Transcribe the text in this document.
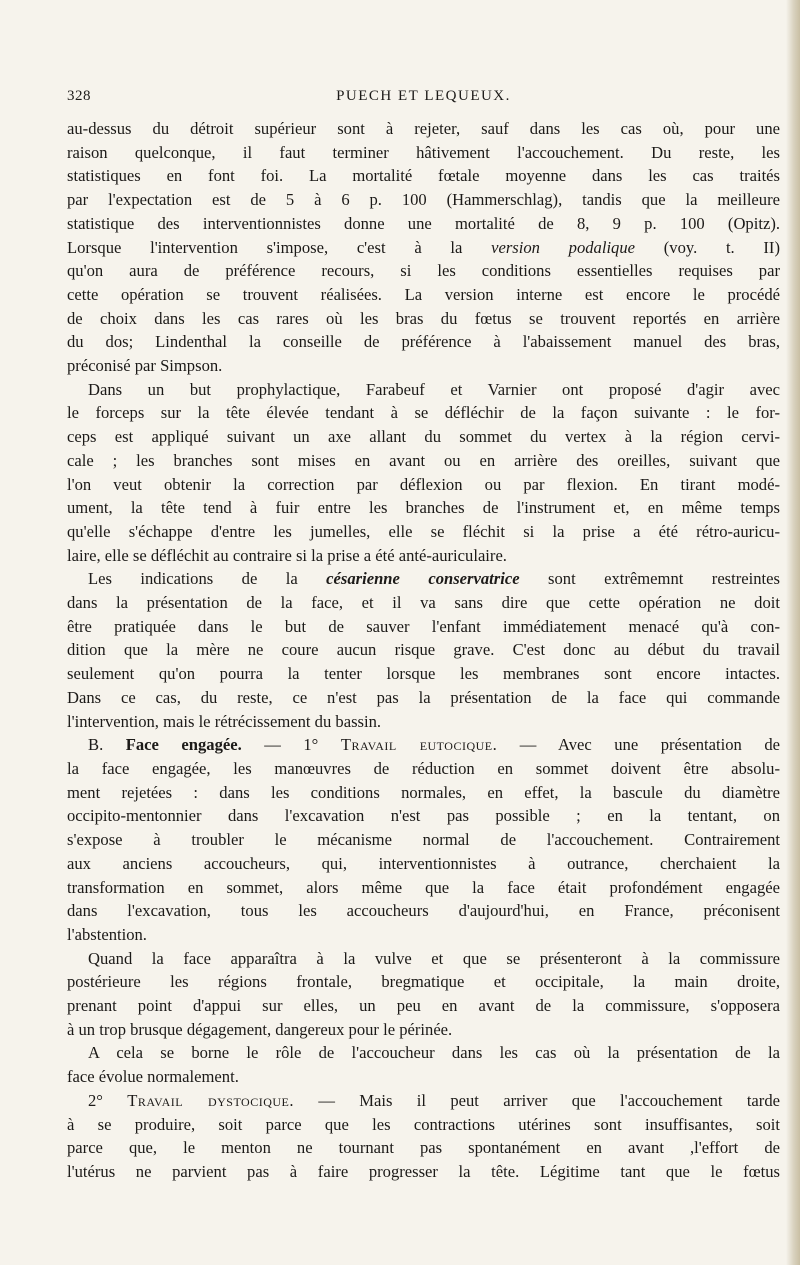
328	PUECH ET LEQUEUX.
au-dessus du détroit supérieur sont à rejeter, sauf dans les cas où, pour une
raison quelconque, il faut terminer hâtivement l'accouchement. Du reste, les
statistiques en font foi. La mortalité fœtale moyenne dans les cas traités
par l'expectation est de 5 à 6 p. 100 (Hammerschlag), tandis que la meilleure
statistique des interventionnistes donne une mortalité de 8, 9 p. 100 (Opitz).
Lorsque l'intervention s'impose, c'est à la version podalique (voy. t. II)
qu'on aura de préférence recours, si les conditions essentielles requises par
cette opération se trouvent réalisées. La version interne est encore le procédé
de choix dans les cas rares où les bras du fœtus se trouvent reportés en arrière
du dos; Lindenthal la conseille de préférence à l'abaissement manuel des bras,
préconisé par Simpson.
Dans un but prophylactique, Farabeuf et Varnier ont proposé d'agir avec
le forceps sur la tête élevée tendant à se défléchir de la façon suivante : le for-
ceps est appliqué suivant un axe allant du sommet du vertex à la région cervi-
cale ; les branches sont mises en avant ou en arrière des oreilles, suivant que
l'on veut obtenir la correction par déflexion ou par flexion. En tirant modé-
ument, la tête tend à fuir entre les branches de l'instrument et, en même temps
qu'elle s'échappe d'entre les jumelles, elle se fléchit si la prise a été rétro-auricu-
laire, elle se défléchit au contraire si la prise a été anté-auriculaire.
Les indications de la césarienne conservatrice sont extrêmemnt restreintes
dans la présentation de la face, et il va sans dire que cette opération ne doit
être pratiquée dans le but de sauver l'enfant immédiatement menacé qu'à con-
dition que la mère ne coure aucun risque grave. C'est donc au début du travail
seulement qu'on pourra la tenter lorsque les membranes sont encore intactes.
Dans ce cas, du reste, ce n'est pas la présentation de la face qui commande
l'intervention, mais le rétrécissement du bassin.
B. Face engagée. — 1° Travail eutocique. — Avec une présentation de
la face engagée, les manœuvres de réduction en sommet doivent être absolu-
ment rejetées : dans les conditions normales, en effet, la bascule du diamètre
occipito-mentonnier dans l'excavation n'est pas possible ; en la tentant, on
s'expose à troubler le mécanisme normal de l'accouchement. Contrairement
aux anciens accoucheurs, qui, interventionnistes à outrance, cherchaient la
transformation en sommet, alors même que la face était profondément engagée
dans l'excavation, tous les accoucheurs d'aujourd'hui, en France, préconisent
l'abstention.
Quand la face apparaîtra à la vulve et que se présenteront à la commissure
postérieure les régions frontale, bregmatique et occipitale, la main droite,
prenant point d'appui sur elles, un peu en avant de la commissure, s'opposera
à un trop brusque dégagement, dangereux pour le périnée.
A cela se borne le rôle de l'accoucheur dans les cas où la présentation de la
face évolue normalement.
2° Travail dystocique. — Mais il peut arriver que l'accouchement tarde
à se produire, soit parce que les contractions utérines sont insuffisantes, soit
parce que, le menton ne tournant pas spontanément en avant ,l'effort de
l'utérus ne parvient pas à faire progresser la tête. Légitime tant que le fœtus
